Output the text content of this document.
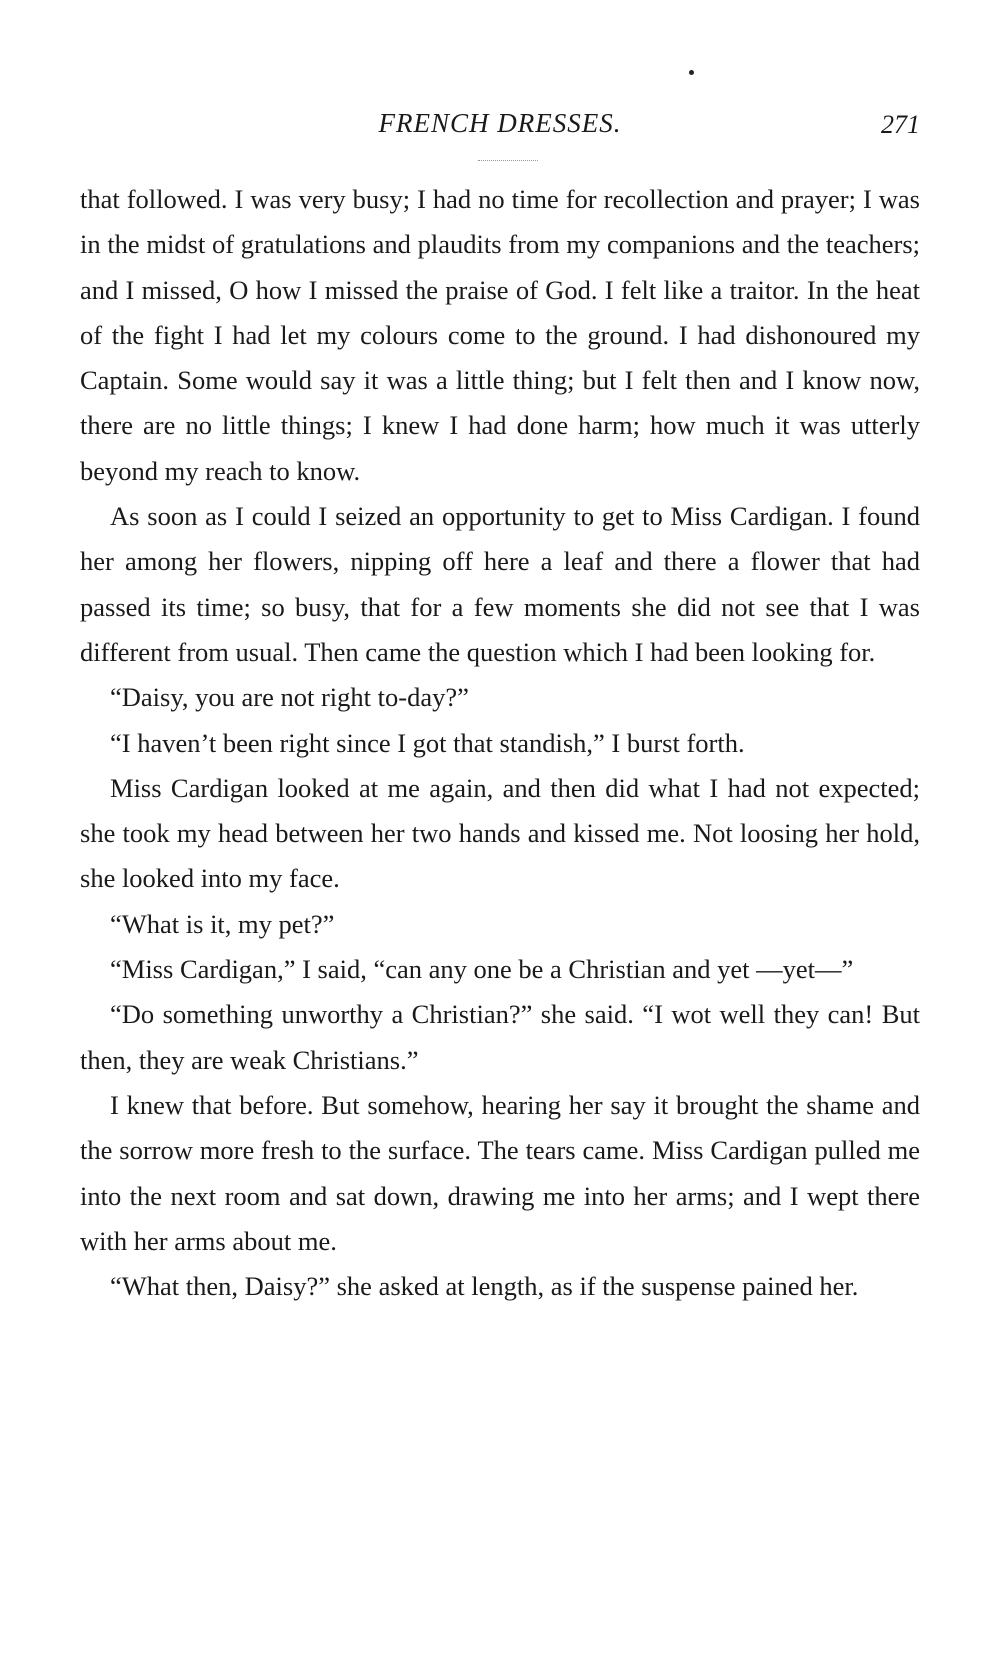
FRENCH DRESSES.	271

that followed. I was very busy; I had no time for recollection and prayer; I was in the midst of gratulations and plaudits from my companions and the teachers; and I missed, O how I missed the praise of God. I felt like a traitor. In the heat of the fight I had let my colours come to the ground. I had dishonoured my Captain. Some would say it was a little thing; but I felt then and I know now, there are no little things; I knew I had done harm; how much it was utterly beyond my reach to know.

As soon as I could I seized an opportunity to get to Miss Cardigan. I found her among her flowers, nipping off here a leaf and there a flower that had passed its time; so busy, that for a few moments she did not see that I was different from usual. Then came the question which I had been looking for.

“Daisy, you are not right to-day?”

“I haven’t been right since I got that standish,” I burst forth.

Miss Cardigan looked at me again, and then did what I had not expected; she took my head between her two hands and kissed me. Not loosing her hold, she looked into my face.

“What is it, my pet?”

“Miss Cardigan,” I said, “can any one be a Christian and yet —yet—”

“Do something unworthy a Christian?” she said. “I wot well they can! But then, they are weak Christians.”

I knew that before. But somehow, hearing her say it brought the shame and the sorrow more fresh to the surface. The tears came. Miss Cardigan pulled me into the next room and sat down, drawing me into her arms; and I wept there with her arms about me.

“What then, Daisy?” she asked at length, as if the suspense pained her.
